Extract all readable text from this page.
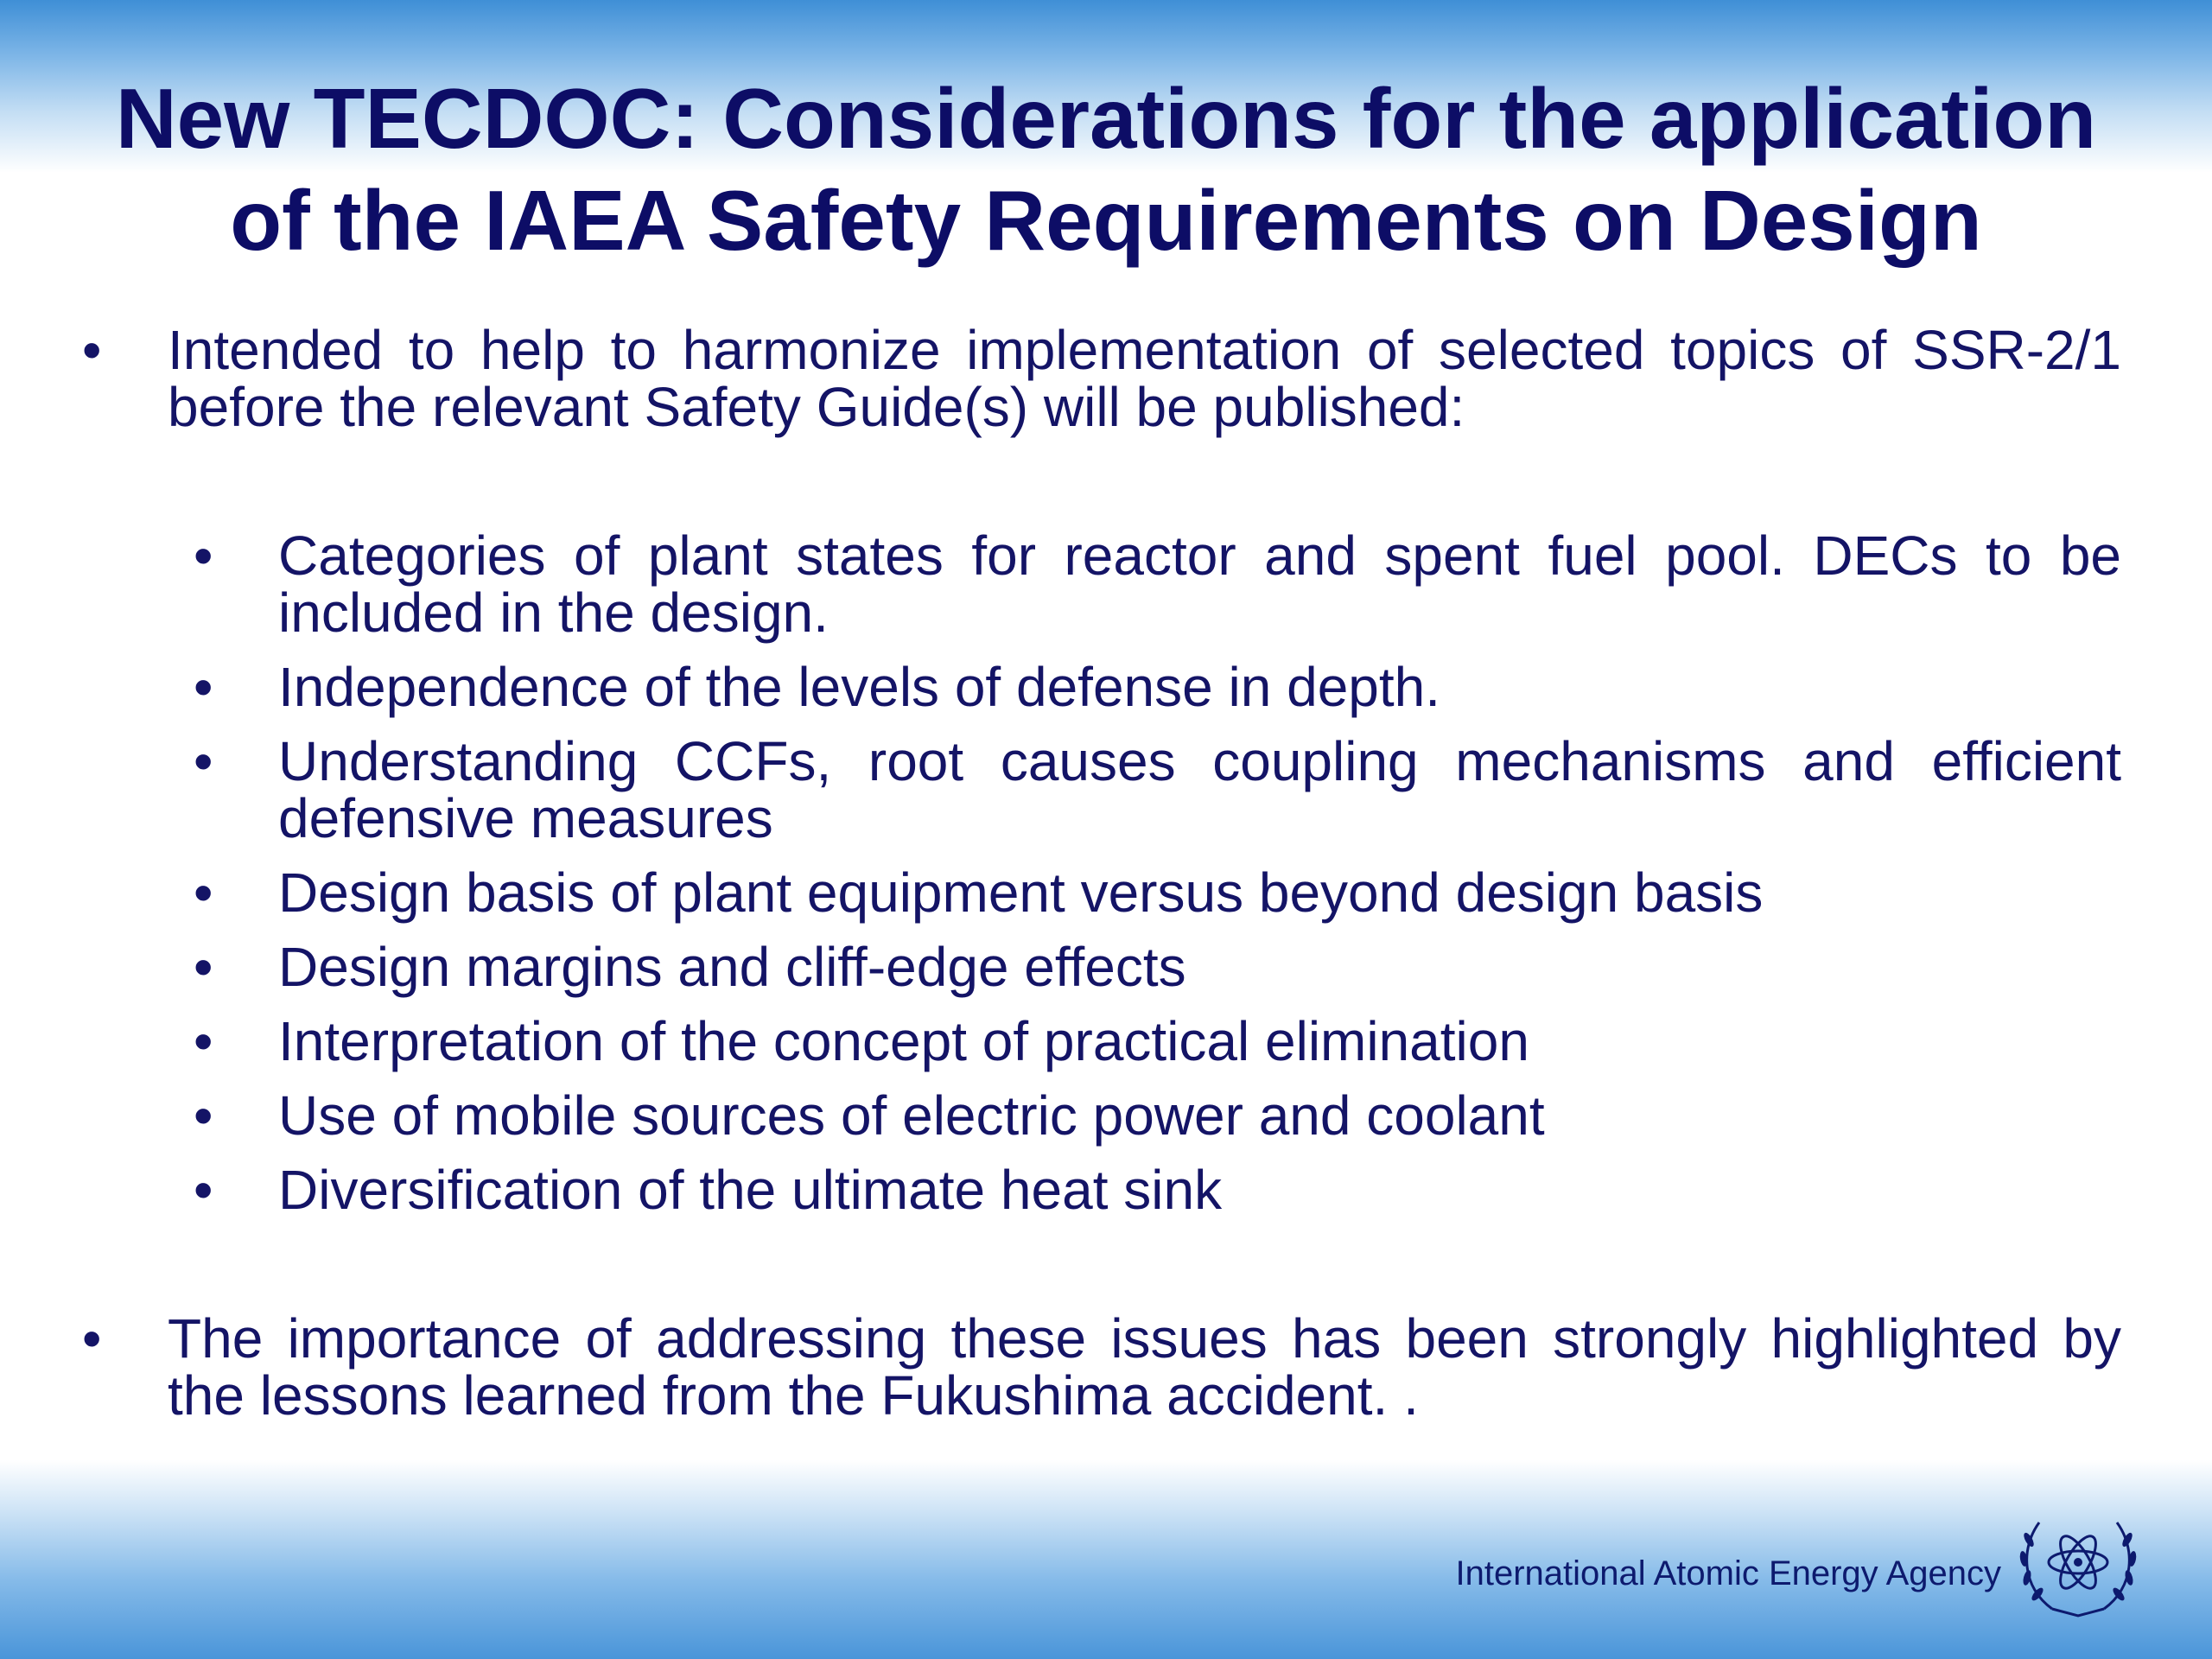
New TECDOC: Considerations for the application
of the IAEA Safety Requirements on Design
• Intended to help to harmonize implementation of selected topics of SSR-2/1 before the relevant Safety Guide(s) will be published:
• Categories of plant states for reactor and spent fuel pool. DECs to be included in the design.
• Independence of the levels of defense in depth.
• Understanding CCFs, root causes coupling mechanisms and efficient defensive measures
• Design basis of plant equipment versus beyond design basis
• Design margins and cliff-edge effects
• Interpretation of the concept of practical elimination
• Use of mobile sources of electric power and coolant
• Diversification of the ultimate heat sink
• The importance of addressing these issues has been strongly highlighted by the lessons learned from the Fukushima accident. .
International Atomic Energy Agency
